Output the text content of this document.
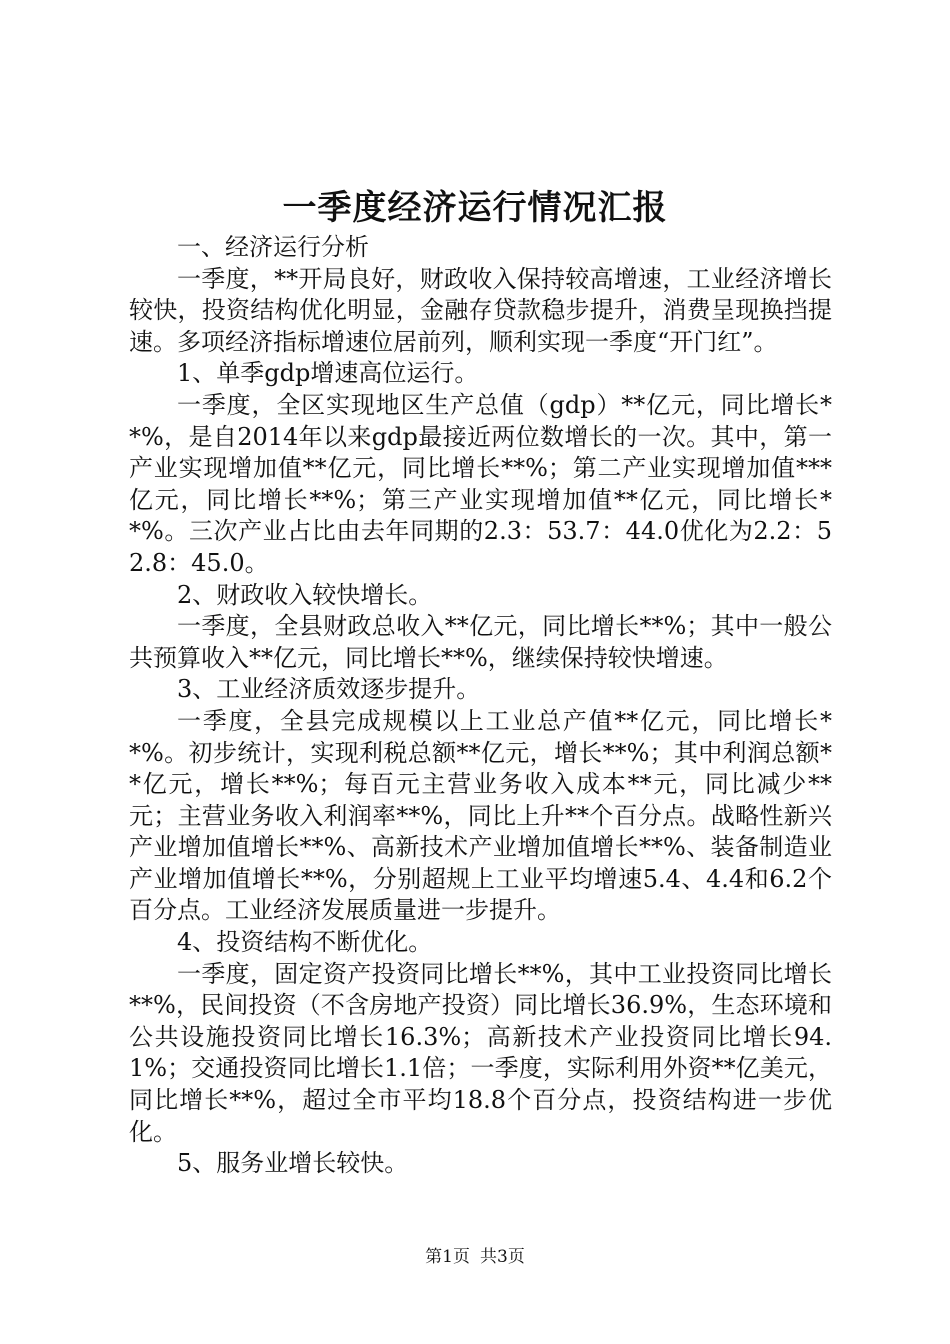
一季度经济运行情况汇报

一、经济运行分析

一季度，**开局良好，财政收入保持较高增速，工业经济增长较快，投资结构优化明显，金融存贷款稳步提升，消费呈现换挡提速。多项经济指标增速位居前列，顺利实现一季度“开门红”。

1、单季gdp增速高位运行。

一季度，全区实现地区生产总值（gdp）**亿元，同比增长**%，是自2014年以来gdp最接近两位数增长的一次。其中，第一产业实现增加值**亿元，同比增长**%；第二产业实现增加值***亿元，同比增长**%；第三产业实现增加值**亿元，同比增长**%。三次产业占比由去年同期的2.3：53.7：44.0优化为2.2：52.8：45.0。

2、财政收入较快增长。

一季度，全县财政总收入**亿元，同比增长**%；其中一般公共预算收入**亿元，同比增长**%，继续保持较快增速。

3、工业经济质效逐步提升。

一季度，全县完成规模以上工业总产值**亿元，同比增长**%。初步统计，实现利税总额**亿元，增长**%；其中利润总额**亿元，增长**%；每百元主营业务收入成本**元，同比减少**元；主营业务收入利润率**%，同比上升**个百分点。战略性新兴产业增加值增长**%、高新技术产业增加值增长**%、装备制造业产业增加值增长**%，分别超规上工业平均增速5.4、4.4和6.2个百分点。工业经济发展质量进一步提升。

4、投资结构不断优化。

一季度，固定资产投资同比增长**%，其中工业投资同比增长**%，民间投资（不含房地产投资）同比增长36.9%，生态环境和公共设施投资同比增长16.3%；高新技术产业投资同比增长94.1%；交通投资同比增长1.1倍；一季度，实际利用外资**亿美元，同比增长**%，超过全市平均18.8个百分点，投资结构进一步优化。

5、服务业增长较快。

第1页 共3页
